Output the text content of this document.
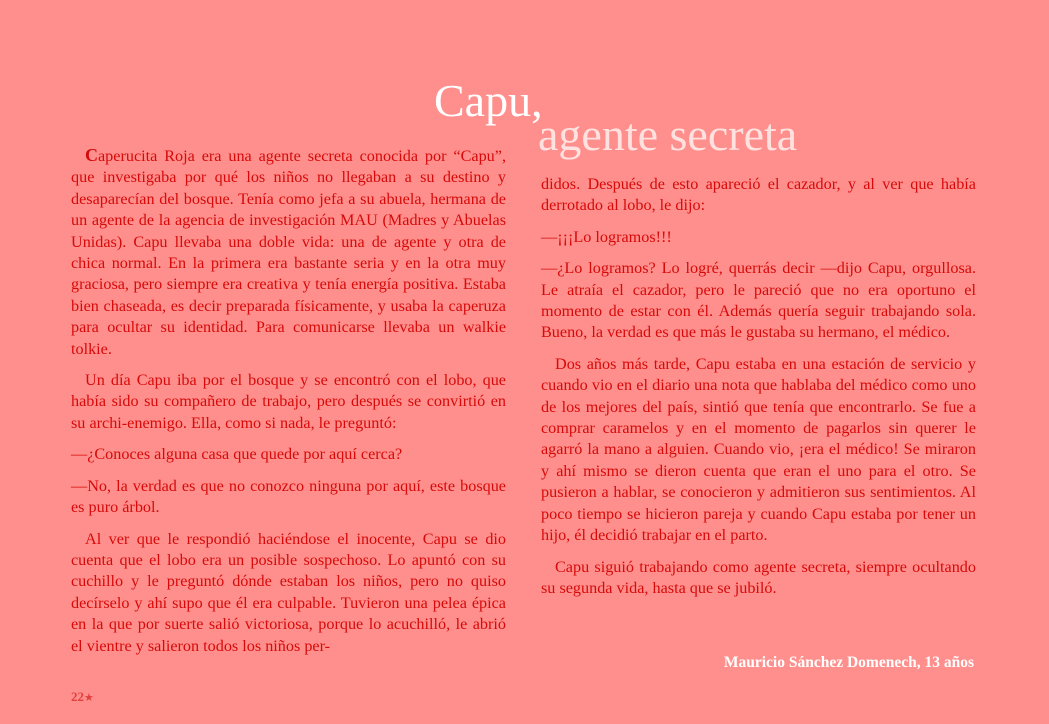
Capu,
agente secreta

Caperucita Roja era una agente secreta conocida por “Capu”, que investigaba por qué los niños no llegaban a su destino y desaparecían del bosque. Tenía como jefa a su abuela, hermana de un agente de la agencia de investigación MAU (Madres y Abuelas Unidas). Capu llevaba una doble vida: una de agente y otra de chica normal. En la primera era bastante seria y en la otra muy graciosa, pero siempre era creativa y tenía energía positiva. Estaba bien chaseada, es decir preparada físicamente, y usaba la caperuza para ocultar su identidad. Para comunicarse llevaba un walkie tolkie.

Un día Capu iba por el bosque y se encontró con el lobo, que había sido su compañero de trabajo, pero después se convirtió en su archi-enemigo. Ella, como si nada, le preguntó:

—¿Conoces alguna casa que quede por aquí cerca?

—No, la verdad es que no conozco ninguna por aquí, este bosque es puro árbol.

Al ver que le respondió haciéndose el inocente, Capu se dio cuenta que el lobo era un posible sospechoso. Lo apuntó con su cuchillo y le preguntó dónde estaban los niños, pero no quiso decírselo y ahí supo que él era culpable. Tuvieron una pelea épica en la que por suerte salió victoriosa, porque lo acuchilló, le abrió el vientre y salieron todos los niños per-

didos. Después de esto apareció el cazador, y al ver que había derrotado al lobo, le dijo:

—¡¡¡Lo logramos!!!

—¿Lo logramos? Lo logré, querrás decir —dijo Capu, orgullosa. Le atraía el cazador, pero le pareció que no era oportuno el momento de estar con él. Además quería seguir trabajando sola. Bueno, la verdad es que más le gustaba su hermano, el médico.

Dos años más tarde, Capu estaba en una estación de servicio y cuando vio en el diario una nota que hablaba del médico como uno de los mejores del país, sintió que tenía que encontrarlo. Se fue a comprar caramelos y en el momento de pagarlos sin querer le agarró la mano a alguien. Cuando vio, ¡era el médico! Se miraron y ahí mismo se dieron cuenta que eran el uno para el otro. Se pusieron a hablar, se conocieron y admitieron sus sentimientos. Al poco tiempo se hicieron pareja y cuando Capu estaba por tener un hijo, él decidió trabajar en el parto.

Capu siguió trabajando como agente secreta, siempre ocultando su segunda vida, hasta que se jubiló.

Mauricio Sánchez Domenech, 13 años
22★
